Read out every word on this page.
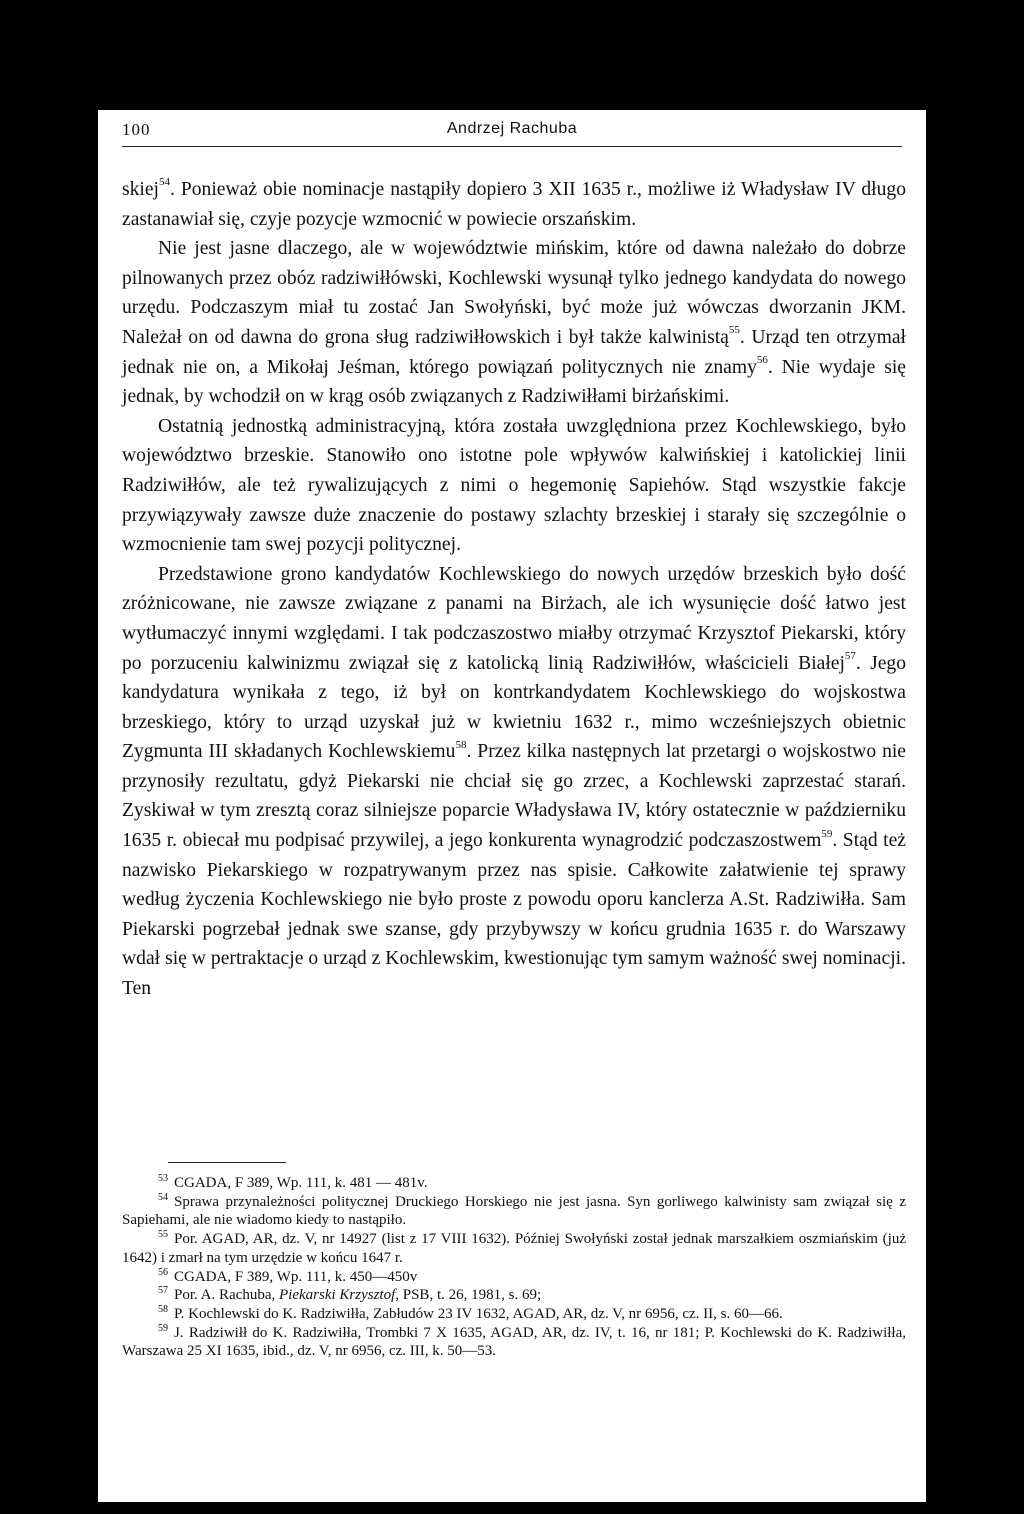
100	Andrzej Rachuba

skiej$^{54}$. Ponieważ obie nominacje nastąpiły dopiero 3 XII 1635 r., możliwe iż Władysław IV długo zastanawiał się, czyje pozycje wzmocnić w powiecie orszańskim.

Nie jest jasne dlaczego, ale w województwie mińskim, które od dawna należało do dobrze pilnowanych przez obóz radziwiłłówski, Kochlewski wysunął tylko jednego kandydata do nowego urzędu. Podczaszym miał tu zostać Jan Swołyński, być może już wówczas dworzanin JKM. Należał on od dawna do grona sług radziwiłłowskich i był także kalwinistą$^{55}$. Urząd ten otrzymał jednak nie on, a Mikołaj Jeśman, którego powiązań politycznych nie znamy$^{56}$. Nie wydaje się jednak, by wchodził on w krąg osób związanych z Radziwiłłami birżańskimi.

Ostatnią jednostką administracyjną, która została uwzględniona przez Kochlewskiego, było województwo brzeskie. Stanowiło ono istotne pole wpływów kalwińskiej i katolickiej linii Radziwiłłów, ale też rywalizujących z nimi o hegemonię Sapiehów. Stąd wszystkie fakcje przywiązywały zawsze duże znaczenie do postawy szlachty brzeskiej i starały się szczególnie o wzmocnienie tam swej pozycji politycznej.

Przedstawione grono kandydatów Kochlewskiego do nowych urzędów brzeskich było dość zróżnicowane, nie zawsze związane z panami na Birżach, ale ich wysunięcie dość łatwo jest wytłumaczyć innymi względami. I tak podczaszostwo miałby otrzymać Krzysztof Piekarski, który po porzuceniu kalwinizmu związał się z katolicką linią Radziwiłłów, właścicieli Białej$^{57}$. Jego kandydatura wynikała z tego, iż był on kontrkandydatem Kochlewskiego do wojskostwa brzeskiego, który to urząd uzyskał już w kwietniu 1632 r., mimo wcześniejszych obietnic Zygmunta III składanych Kochlewskiemu$^{58}$. Przez kilka następnych lat przetargi o wojskostwo nie przynosiły rezultatu, gdyż Piekarski nie chciał się go zrzec, a Kochlewski zaprzestać starań. Zyskiwał w tym zresztą coraz silniejsze poparcie Władysława IV, który ostatecznie w październiku 1635 r. obiecał mu podpisać przywilej, a jego konkurenta wynagrodzić podczaszostwem$^{59}$. Stąd też nazwisko Piekarskiego w rozpatrywanym przez nas spisie. Całkowite załatwienie tej sprawy według życzenia Kochlewskiego nie było proste z powodu oporu kanclerza A.St. Radziwiłła. Sam Piekarski pogrzebał jednak swe szanse, gdy przybywszy w końcu grudnia 1635 r. do Warszawy wdał się w pertraktacje o urząd z Kochlewskim, kwestionując tym samym ważność swej nominacji. Ten

$^{53}$ CGADA, F 389, Wp. 111, k. 481 — 481v.

$^{54}$ Sprawa przynależności politycznej Druckiego Horskiego nie jest jasna. Syn gorliwego kalwinisty sam związał się z Sapiehami, ale nie wiadomo kiedy to nastąpiło.

$^{55}$ Por. AGAD, AR, dz. V, nr 14927 (list z 17 VIII 1632). Później Swołyński został jednak marszałkiem oszmiańskim (już 1642) i zmarł na tym urzędzie w końcu 1647 r.

$^{56}$ CGADA, F 389, Wp. 111, k. 450—450v

$^{57}$ Por. A. Rachuba, Piekarski Krzysztof, PSB, t. 26, 1981, s. 69;

$^{58}$ P. Kochlewski do K. Radziwiłła, Zabłudów 23 IV 1632, AGAD, AR, dz. V, nr 6956, cz. II, s. 60—66.

$^{59}$ J. Radziwiłł do K. Radziwiłła, Trombki 7 X 1635, AGAD, AR, dz. IV, t. 16, nr 181; P. Kochlewski do K. Radziwiłła, Warszawa 25 XI 1635, ibid., dz. V, nr 6956, cz. III, k. 50—53.
